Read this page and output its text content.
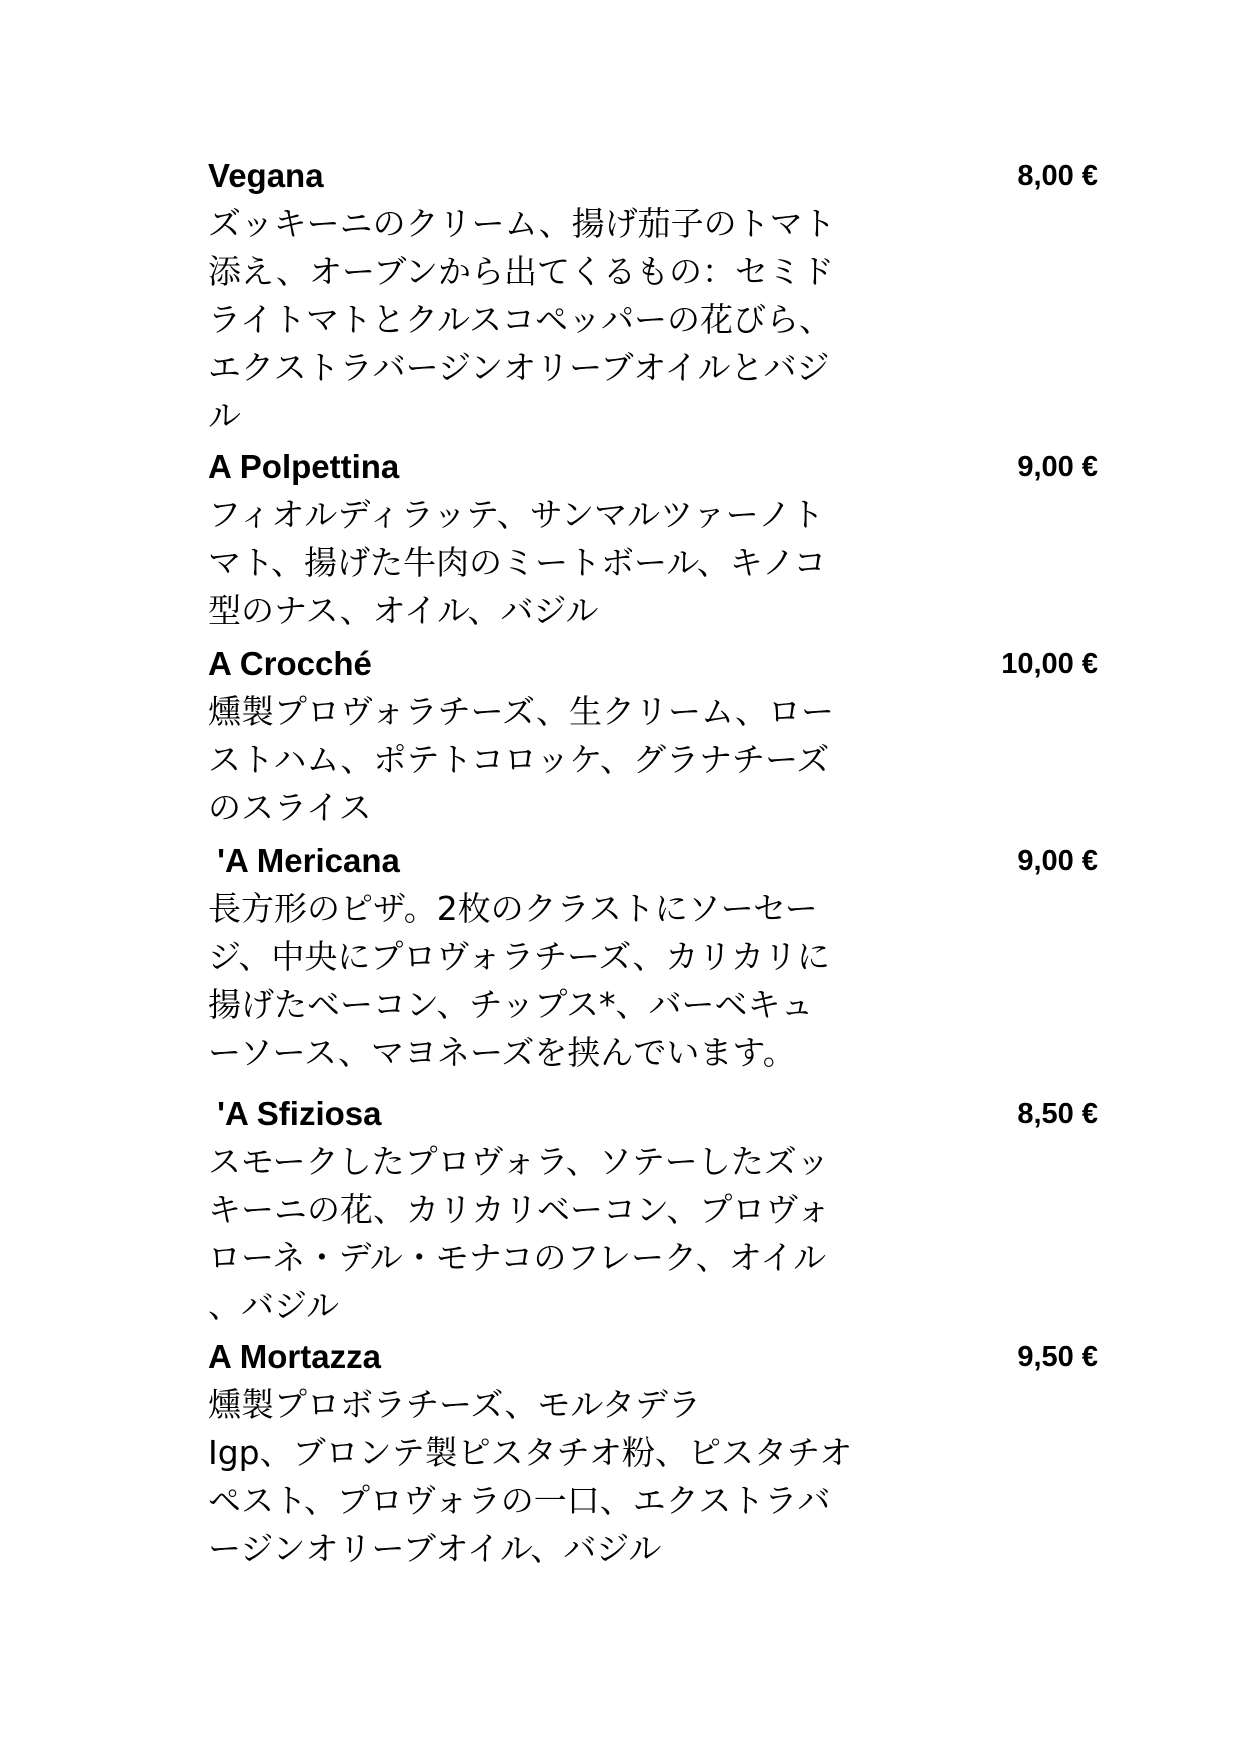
Vegana	8,00 €
ズッキーニのクリーム、揚げ茄子のトマト
添え、オーブンから出てくるもの：セミド
ライトマトとクルスコペッパーの花びら、
エクストラバージンオリーブオイルとバジ
ル
A Polpettina	9,00 €
フィオルディラッテ、サンマルツァーノト
マト、揚げた牛肉のミートボール、キノコ
型のナス、オイル、バジル
A Crocché	10,00 €
燻製プロヴォラチーズ、生クリーム、ロー
ストハム、ポテトコロッケ、グラナチーズ
のスライス
'A Mericana	9,00 €
長方形のピザ。2枚のクラストにソーセー
ジ、中央にプロヴォラチーズ、カリカリに
揚げたベーコン、チップス*、バーベキュ
ーソース、マヨネーズを挟んでいます。
'A Sfiziosa	8,50 €
スモークしたプロヴォラ、ソテーしたズッ
キーニの花、カリカリベーコン、プロヴォ
ローネ・デル・モナコのフレーク、オイル
、バジル
A Mortazza	9,50 €
燻製プロボラチーズ、モルタデラ
Igp、ブロンテ製ピスタチオ粉、ピスタチオ
ペスト、プロヴォラの一口、エクストラバ
ージンオリーブオイル、バジル
